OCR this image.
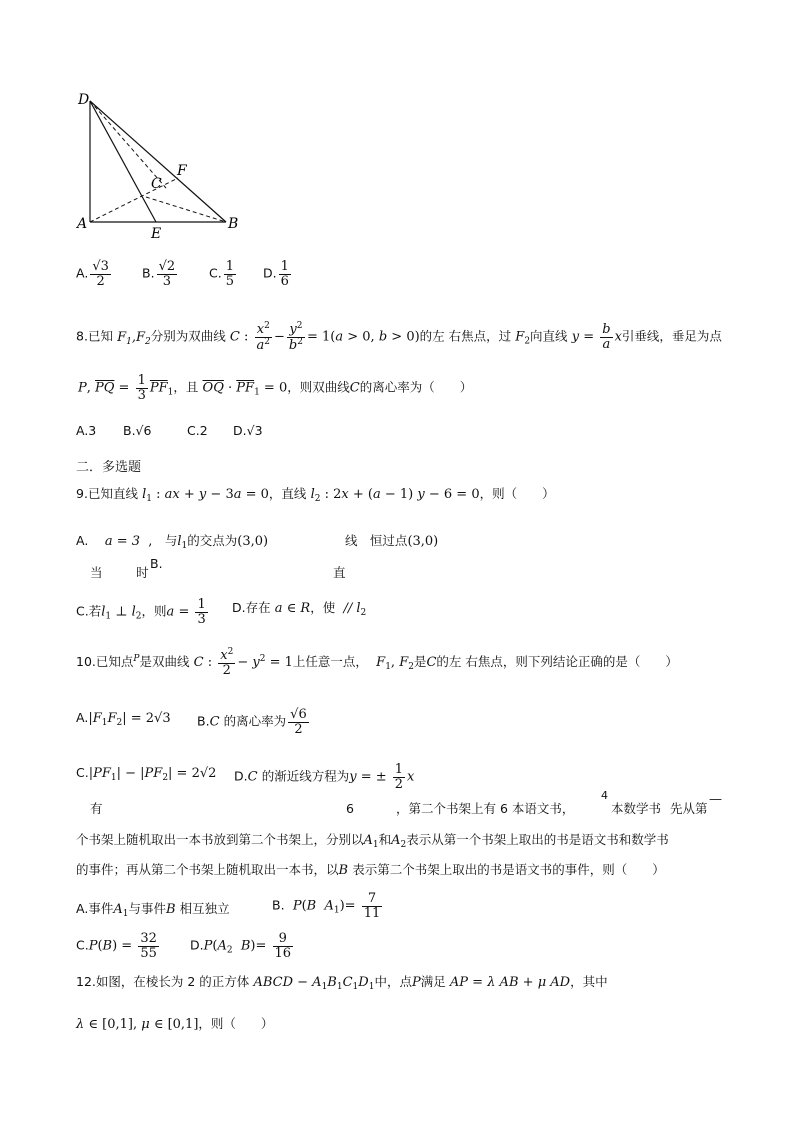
D
A
E
B
C
F
A. $\frac{√3}{2} B$. $\frac{√2}{3}$	C. $\frac{1}{5} D$. $\frac{1}{6}$
8.已知 $F_1,F_2$分别为双曲线 C : $\frac{x^2}{a^2} - \frac{y^2}{b^2} = 1(a > 0$, b > 0)的左 右焦点，过 $F_2$向直线 $y = \frac{b}{a}$ x引垂线，垂足为点
P, $\overline{PQ} = \frac{1}{3} \overline{PF}_1$，且 $\overline{OQ} \cdot \overline{PF}_1 = 0$，则双曲线C的离心率为（　　）
A.3 B.√6	C.2 D.√3
二．多选题
9.已知直线 $l_1$ : ax + y − 3a = 0，直线 $l_2$ : 2x + (a − 1) y − 6 = 0，则（　　）
A. a = 3  ,   与$l_1$的交点为(3,0)
当	时
B.
线 恒过点(3,0)
直
C.若$l_1$ ⊥ $l_2$，则$a = \frac{1}{3} D$.存在 a ∈ R，使 // $l_2$
10.已知点$^P$是双曲线 C : $\frac{x^2}{2} - y^2 = 1$上任意一点， $F_1$, $F_2$是C的左 右焦点，则下列结论正确的是（　　）
$A.|F_1F_2| = 2√3$ B.C 的离心率为 $\frac{√6}{2}$
$C.|PF_1| - |PF_2| = 2√2$ D.C 的渐近线方程为y = ± $\frac{1}{2}$ x
有	6	，第二个书架上有 6 本语文书，
4
本数学书 先从第
—
个书架上随机取出一本书放到第二个书架上，分别以$A_1$和$A_2$表示从第一个书架上取出的书是语文书和数学书
的事件；再从第二个书架上随机取出一本书，以B 表示第二个书架上取出的书是语文书的事件，则（　　）
A.事件$A_1$与事件B 相互独立	B. P(B $A_1)= \frac{7}{11}$
$C.P(B) = \frac{32}{55} D.P(A_2$ $B)= \frac{9}{16}$
12.如图，在棱长为 2 的正方体 ABCD − $A_1B_1C_1D_1$中，点P满足 AP = λ AB + μ AD，其中
λ ∈ [0,1], μ ∈ [0,1]，则（　　）
